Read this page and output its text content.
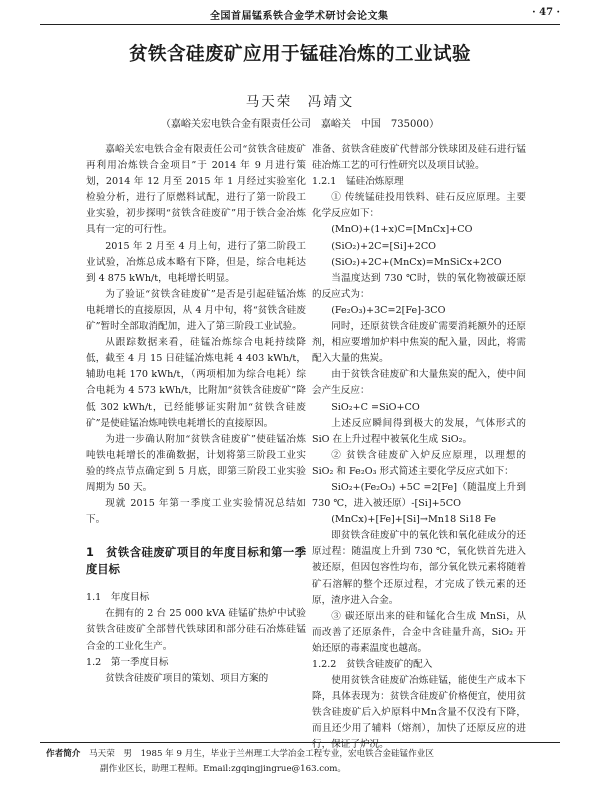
全国首届锰系铁合金学术研讨会论文集	· 47 ·
贫铁含硅废矿应用于锰硅冶炼的工业试验
马天荣　冯靖文
（嘉峪关宏电铁合金有限责任公司　嘉峪关　中国　735000）

嘉峪关宏电铁合金有限责任公司“贫铁含硅废矿再利用冶炼铁合金项目”于 2014 年 9 月进行策划，2014 年 12 月至 2015 年 1 月经过实验室化检验分析，进行了原燃料试配，进行了第一阶段工业实验，初步探明“贫铁含硅废矿”用于铁合金冶炼具有一定的可行性。

2015 年 2 月至 4 月上旬，进行了第二阶段工业试验，冶炼总成本略有下降，但是，综合电耗达到 4 875 kWh/t，电耗增长明显。

为了验证“贫铁含硅废矿”是否是引起硅锰冶炼电耗增长的直接原因，从 4 月中旬，将“贫铁含硅废矿”暂时全部取消配加，进入了第三阶段工业试验。

从跟踪数据来看，硅锰冶炼综合电耗持续降低，截至 4 月 15 日硅锰冶炼电耗 4 403 kWh/t，辅助电耗 170 kWh/t，（两项相加为综合电耗）综合电耗为 4 573 kWh/t，比附加“贫铁含硅废矿”降低 302 kWh/t，已经能够证实附加“贫铁含硅废矿”是使硅锰冶炼吨铁电耗增长的直接原因。

为进一步确认附加“贫铁含硅废矿”使硅锰冶炼吨铁电耗增长的准确数据，计划将第三阶段工业实验的终点节点确定到 5 月底，即第三阶段工业实验周期为 50 天。

现就 2015 年第一季度工业实验情况总结如下。

1　贫铁含硅废矿项目的年度目标和第一季度目标

1.1　年度目标

在拥有的 2 台 25 000 kVA 硅锰矿热炉中试验贫铁含硅废矿全部替代铁球团和部分硅石冶炼硅锰合金的工业化生产。

1.2　第一季度目标

贫铁含硅废矿项目的策划、项目方案的

准备、贫铁含硅废矿代替部分铁球团及硅石进行锰硅冶炼工艺的可行性研究以及项目试验。

1.2.1　锰硅冶炼原理

① 传统锰硅投用铁料、硅石反应原理。主要化学反应如下：

(MnO)+(1+x)C=[MnCx]+CO

(SiO₂)+2C=[Si]+2CO

(SiO₂)+2C+(MnCx)=MnSiCx+2CO

当温度达到 730 ℃时，铁的氧化物被碳还原的反应式为：

(Fe₂O₃)+3C=2[Fe]-3CO

同时，还原贫铁含硅废矿需要消耗额外的还原剂，相应要增加炉料中焦炭的配入量，因此，将需配入大量的焦炭。

由于贫铁含硅废矿和大量焦炭的配入，使中间会产生反应：

SiO₂+C =SiO+CO

上述反应瞬间得到极大的发展，气体形式的 SiO 在上升过程中被氧化生成 SiO₂。

② 贫铁含硅废矿入炉反应原理，以理想的 SiO₂ 和 Fe₂O₃ 形式简述主要化学反应式如下：

SiO₂+(Fe₂O₃) +5C =2[Fe]（随温度上升到 730 ℃，进入被还原）-[Si]+5CO

(MnCx)+[Fe]+[Si]→Mn18 Si18 Fe

即贫铁含硅废矿中的氧化铁和氧化硅成分的还原过程：随温度上升到 730 ℃，氧化铁首先进入被还原，但因包容性均布，部分氧化铁元素将随着矿石溶解的整个还原过程，才完成了铁元素的还原，渣序进入合金。

③ 碳还原出来的硅和锰化合生成 MnSi，从而改善了还原条件，合金中含硅量升高，SiO₂ 开始还原的毒素温度也越高。

1.2.2　贫铁含硅废矿的配入

使用贫铁含硅废矿冶炼硅锰，能使生产成本下降，具体表现为：贫铁含硅废矿价格便宜，使用贫铁含硅废矿后入炉原料中Mn含量不仅没有下降，而且还少用了辅料（熔剂），加快了还原反应的进行，保证了炉况。

作者简介　 马天荣　男　1985 年 9 月生，毕业于兰州理工大学冶金工程专业，宏电铁合金硅锰作业区
副作业区长，助理工程师。Email:zgqingjingrue@163.com。
